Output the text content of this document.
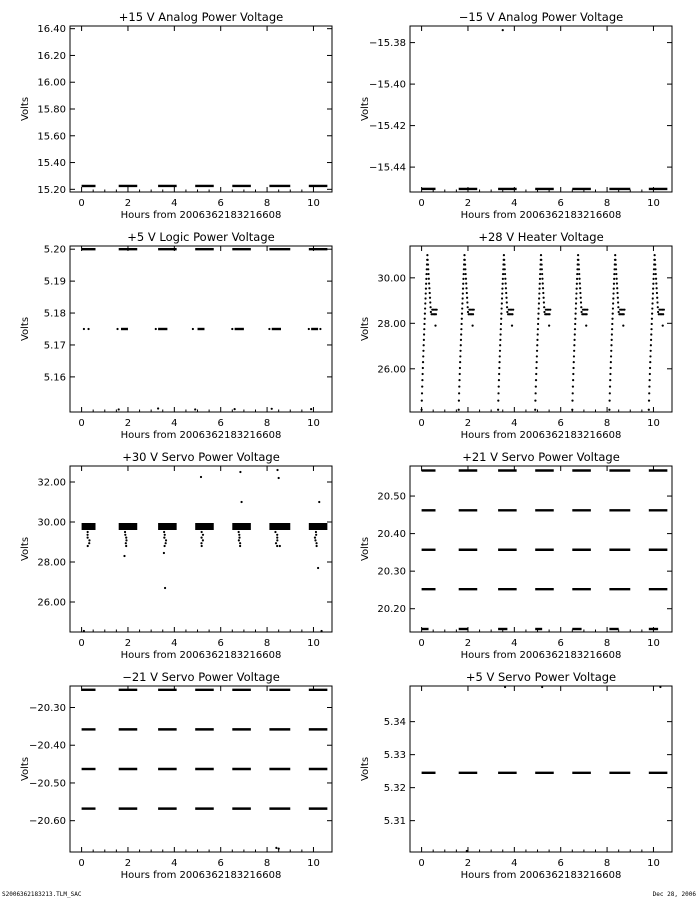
+15 V Analog Power Voltage
0	2	4	6	8	10
15.20
15.40
15.60
15.80
16.00
16.20
16.40
Hours from 2006362183216608
Volts
−15 V Analog Power Voltage
0	2	4	6	8	10
−15.44
−15.42
−15.40
−15.38
Hours from 2006362183216608
Volts
+5 V Logic Power Voltage
0	2	4	6	8	10
5.16
5.17
5.18
5.19
5.20
Hours from 2006362183216608
Volts
+28 V Heater Voltage
0	2	4	6	8	10
26.00
28.00
30.00
Hours from 2006362183216608
Volts
+30 V Servo Power Voltage
0	2	4	6	8	10
26.00
28.00
30.00
32.00
Hours from 2006362183216608
Volts
+21 V Servo Power Voltage
0	2	4	6	8	10
20.20
20.30
20.40
20.50
Hours from 2006362183216608
Volts
−21 V Servo Power Voltage
0	2	4	6	8	10
−20.60
−20.50
−20.40
−20.30
Hours from 2006362183216608
Volts
+5 V Servo Power Voltage
0	2	4	6	8	10
5.31
5.32
5.33
5.34
Hours from 2006362183216608
Volts
S2006362183213.TLM_SAC	Dec 28, 2006
